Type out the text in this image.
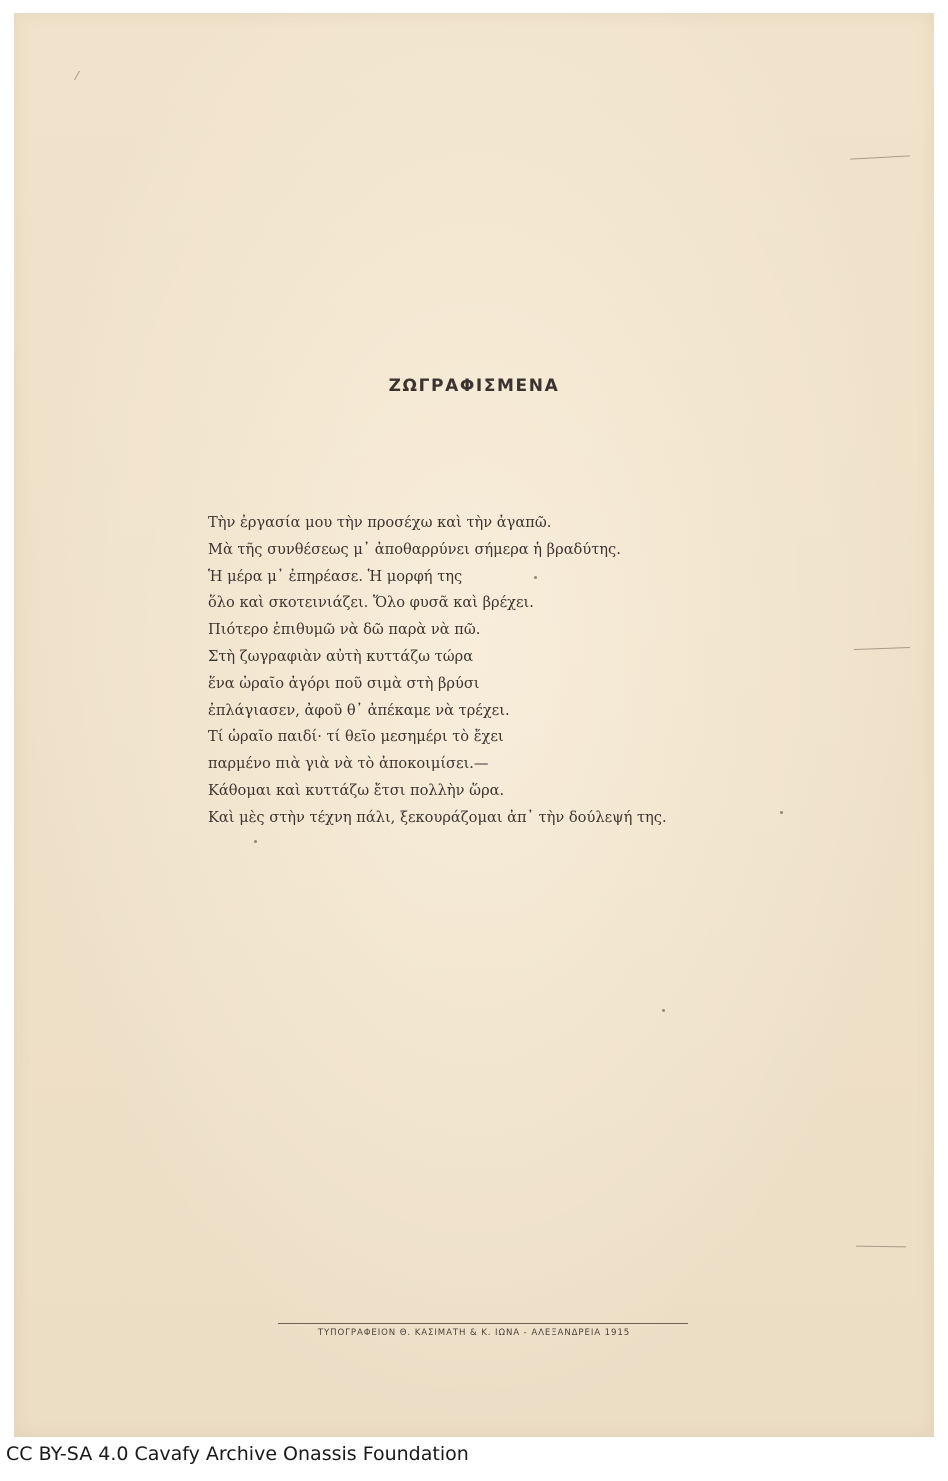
ΖΩΓΡΑΦΙΣΜΕΝΑ
Τὴν ἐργασία μου τὴν προσέχω καὶ τὴν ἀγαπῶ.
Μὰ τῆς συνθέσεως μ᾿ ἀποθαρρύνει σήμερα ἡ βραδύτης.
Ἡ μέρα μ᾿ ἐπηρέασε. Ἡ μορφή της
ὅλο καὶ σκοτεινιάζει. Ὅλο φυσᾶ καὶ βρέχει.
Πιότερο ἐπιθυμῶ νὰ δῶ παρὰ νὰ πῶ.
Στὴ ζωγραφιὰν αὐτὴ κυττάζω τώρα
ἕνα ὡραῖο ἀγόρι ποῦ σιμὰ στὴ βρύσι
ἐπλάγιασεν, ἀφοῦ θ᾿ ἀπέκαμε νὰ τρέχει.
Τί ὡραῖο παιδί· τί θεῖο μεσημέρι τὸ ἔχει
παρμένο πιὰ γιὰ νὰ τὸ ἀποκοιμίσει.—
Κάθομαι καὶ κυττάζω ἔτσι πολλὴν ὥρα.
Καὶ μὲς στὴν τέχνη πάλι, ξεκουράζομαι ἀπ᾿ τὴν δούλεψή της.
ΤΥΠΟΓΡΑΦΕΙΟΝ Θ. ΚΑΣΙΜΑΤΗ & Κ. ΙΩΝΑ - ΑΛΕΞΑΝΔΡΕΙΑ 1915
CC BY-SA 4.0 Cavafy Archive Onassis Foundation
